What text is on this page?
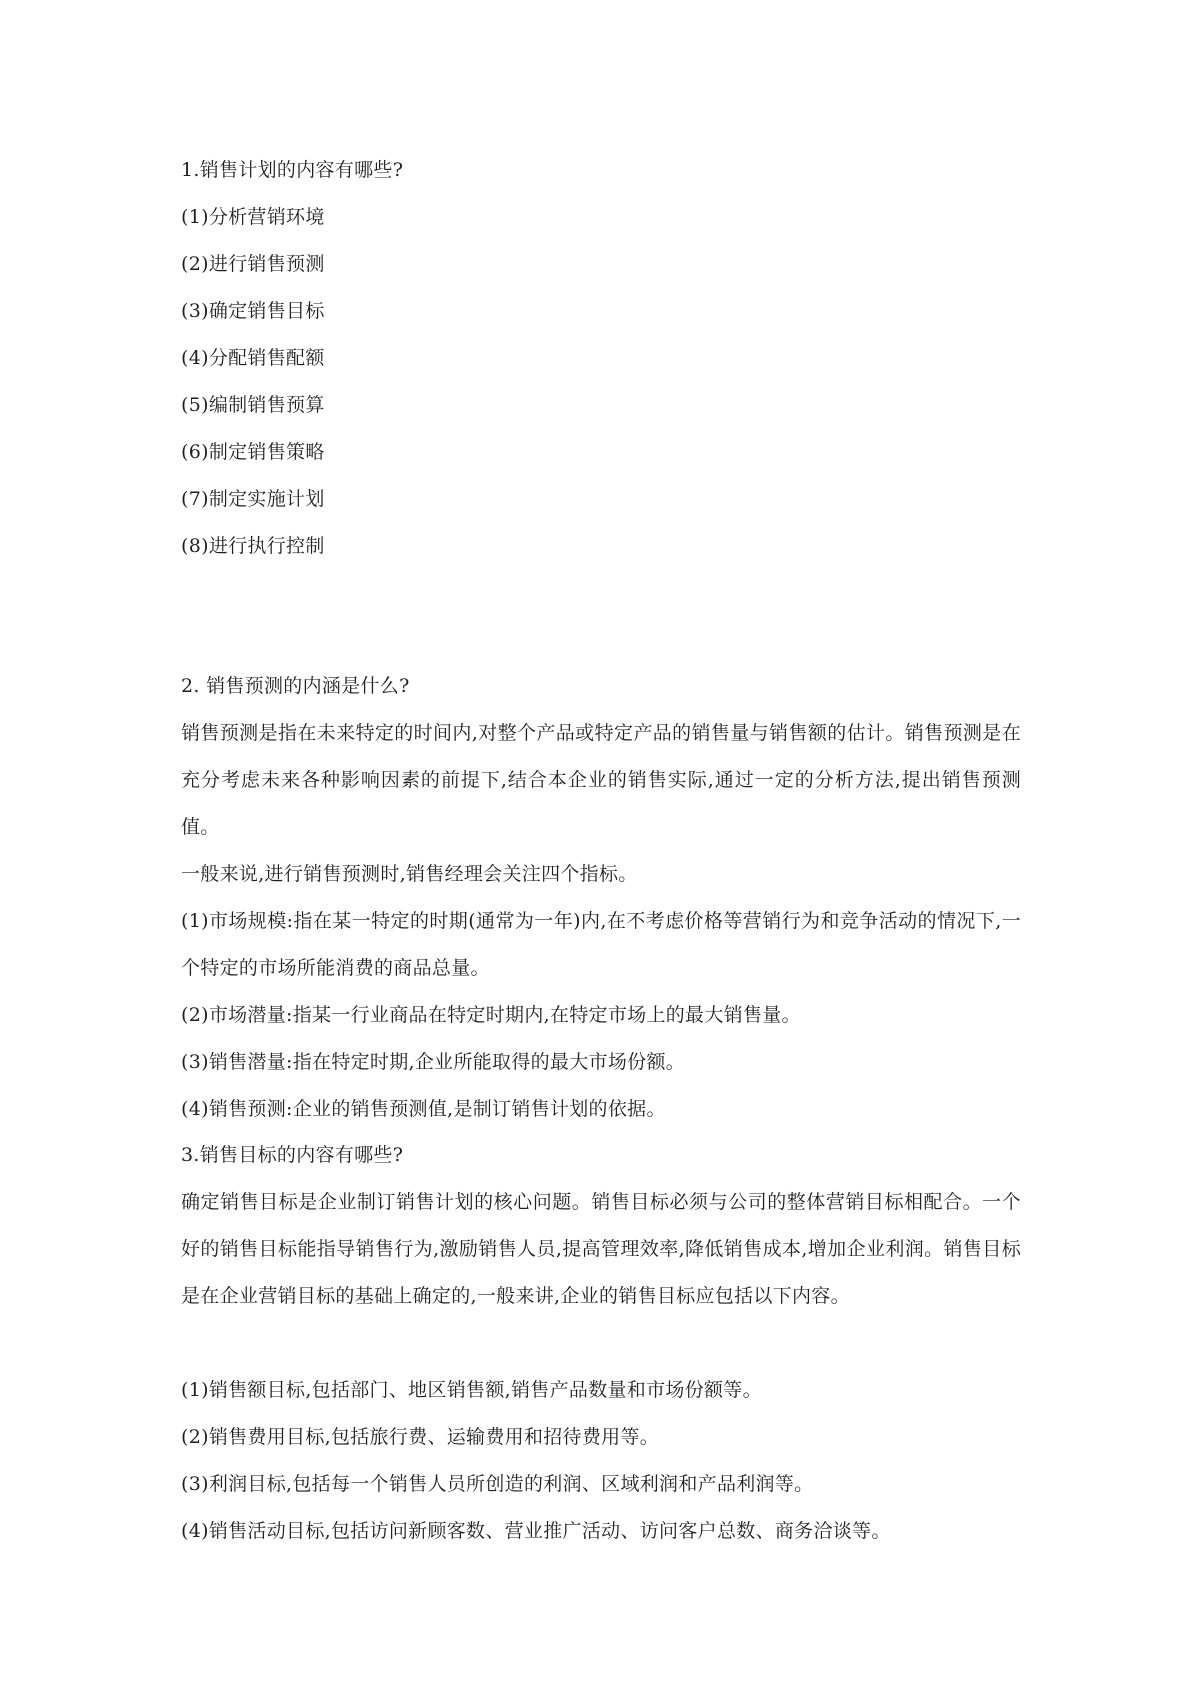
1.销售计划的内容有哪些?
(1)分析营销环境
(2)进行销售预测
(3)确定销售目标
(4)分配销售配额
(5)编制销售预算
(6)制定销售策略
(7)制定实施计划
(8)进行执行控制
2. 销售预测的内涵是什么?
销售预测是指在未来特定的时间内,对整个产品或特定产品的销售量与销售额的估计。销售预测是在充分考虑未来各种影响因素的前提下,结合本企业的销售实际,通过一定的分析方法,提出销售预测值。
一般来说,进行销售预测时,销售经理会关注四个指标。
(1)市场规模:指在某一特定的时期(通常为一年)内,在不考虑价格等营销行为和竞争活动的情况下,一个特定的市场所能消费的商品总量。
(2)市场潜量:指某一行业商品在特定时期内,在特定市场上的最大销售量。
(3)销售潜量:指在特定时期,企业所能取得的最大市场份额。
(4)销售预测:企业的销售预测值,是制订销售计划的依据。
3.销售目标的内容有哪些?
确定销售目标是企业制订销售计划的核心问题。销售目标必须与公司的整体营销目标相配合。一个好的销售目标能指导销售行为,激励销售人员,提高管理效率,降低销售成本,增加企业利润。销售目标是在企业营销目标的基础上确定的,一般来讲,企业的销售目标应包括以下内容。
(1)销售额目标,包括部门、地区销售额,销售产品数量和市场份额等。
(2)销售费用目标,包括旅行费、运输费用和招待费用等。
(3)利润目标,包括每一个销售人员所创造的利润、区域利润和产品利润等。
(4)销售活动目标,包括访问新顾客数、营业推广活动、访问客户总数、商务洽谈等。
